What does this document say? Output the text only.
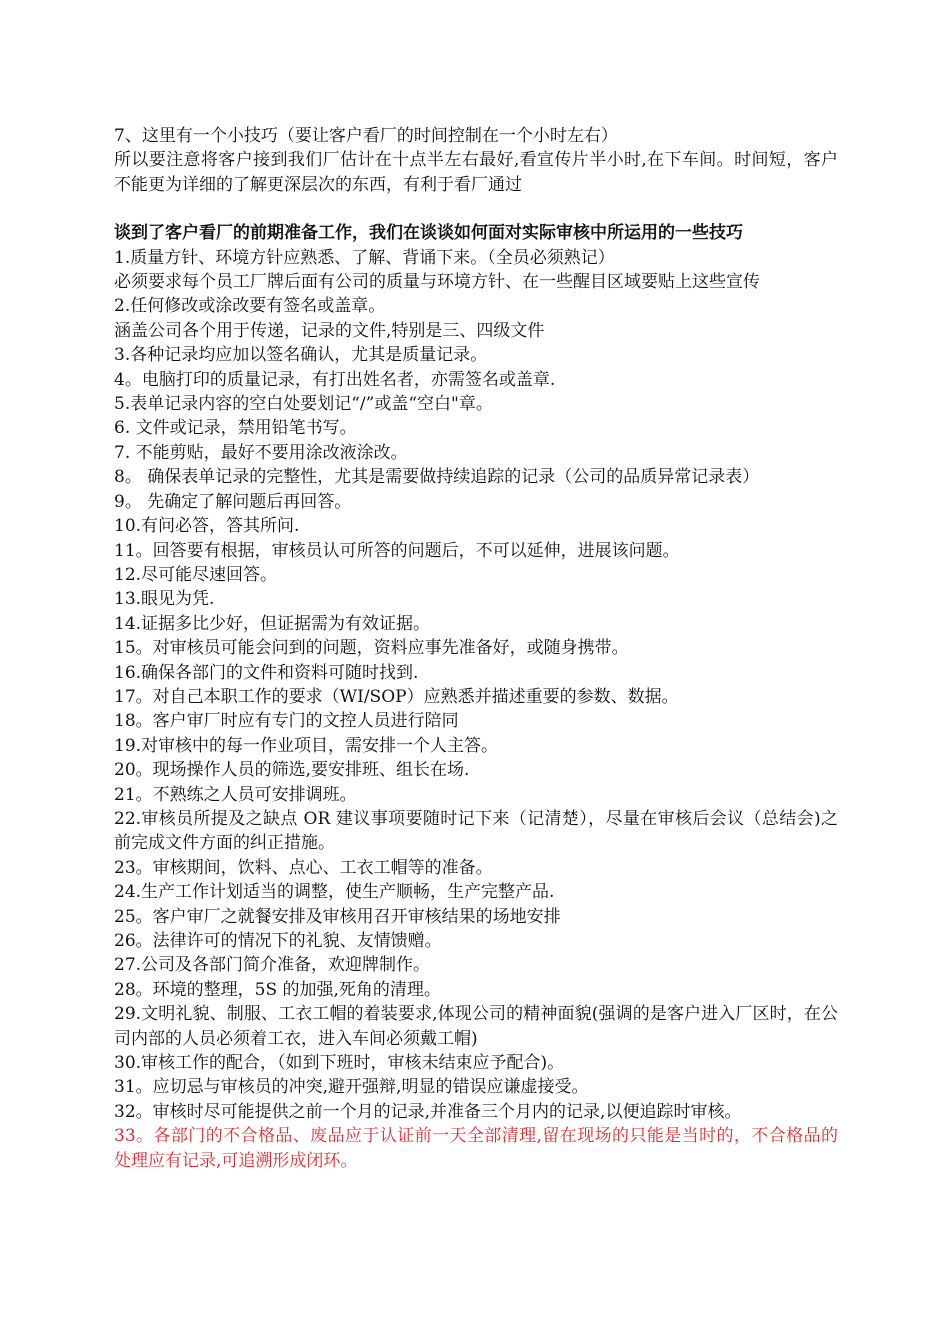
7、这里有一个小技巧（要让客户看厂的时间控制在一个小时左右）
所以要注意将客户接到我们厂估计在十点半左右最好,看宣传片半小时,在下车间。时间短，客户不能更为详细的了解更深层次的东西，有利于看厂通过
谈到了客户看厂的前期准备工作，我们在谈谈如何面对实际审核中所运用的一些技巧
1.质量方针、环境方针应熟悉、了解、背诵下来。（全员必须熟记）
必须要求每个员工厂牌后面有公司的质量与环境方针、在一些醒目区域要贴上这些宣传
2.任何修改或涂改要有签名或盖章。
涵盖公司各个用于传递，记录的文件,特别是三、四级文件
3.各种记录均应加以签名确认，尤其是质量记录。
4。电脑打印的质量记录，有打出姓名者，亦需签名或盖章.
5.表单记录内容的空白处要划记“/”或盖“空白"章。
6. 文件或记录，禁用铅笔书写。
7. 不能剪贴，最好不要用涂改液涂改。
8。 确保表单记录的完整性，尤其是需要做持续追踪的记录（公司的品质异常记录表）
9。 先确定了解问题后再回答。
10.有问必答，答其所问.
11。回答要有根据，审核员认可所答的问题后，不可以延伸，进展该问题。
12.尽可能尽速回答。
13.眼见为凭.
14.证据多比少好，但证据需为有效证据。
15。对审核员可能会问到的问题，资料应事先准备好，或随身携带。
16.确保各部门的文件和资料可随时找到.
17。对自己本职工作的要求（WI/SOP）应熟悉并描述重要的参数、数据。
18。客户审厂时应有专门的文控人员进行陪同
19.对审核中的每一作业项目，需安排一个人主答。
20。现场操作人员的筛选,要安排班、组长在场.
21。不熟练之人员可安排调班。
22.审核员所提及之缺点 OR 建议事项要随时记下来（记清楚），尽量在审核后会议（总结会)之前完成文件方面的纠正措施。
23。审核期间，饮料、点心、工衣工帽等的准备。
24.生产工作计划适当的调整，使生产顺畅，生产完整产品.
25。客户审厂之就餐安排及审核用召开审核结果的场地安排
26。法律许可的情况下的礼貌、友情馈赠。
27.公司及各部门简介准备，欢迎牌制作。
28。环境的整理，5S 的加强,死角的清理。
29.文明礼貌、制服、工衣工帽的着装要求,体现公司的精神面貌(强调的是客户进入厂区时，在公司内部的人员必须着工衣，进入车间必须戴工帽)
30.审核工作的配合，（如到下班时，审核未结束应予配合)。
31。应切忌与审核员的冲突,避开强辩,明显的错误应谦虚接受。
32。审核时尽可能提供之前一个月的记录,并准备三个月内的记录,以便追踪时审核。
33。各部门的不合格品、废品应于认证前一天全部清理,留在现场的只能是当时的，不合格品的处理应有记录,可追溯形成闭环。
